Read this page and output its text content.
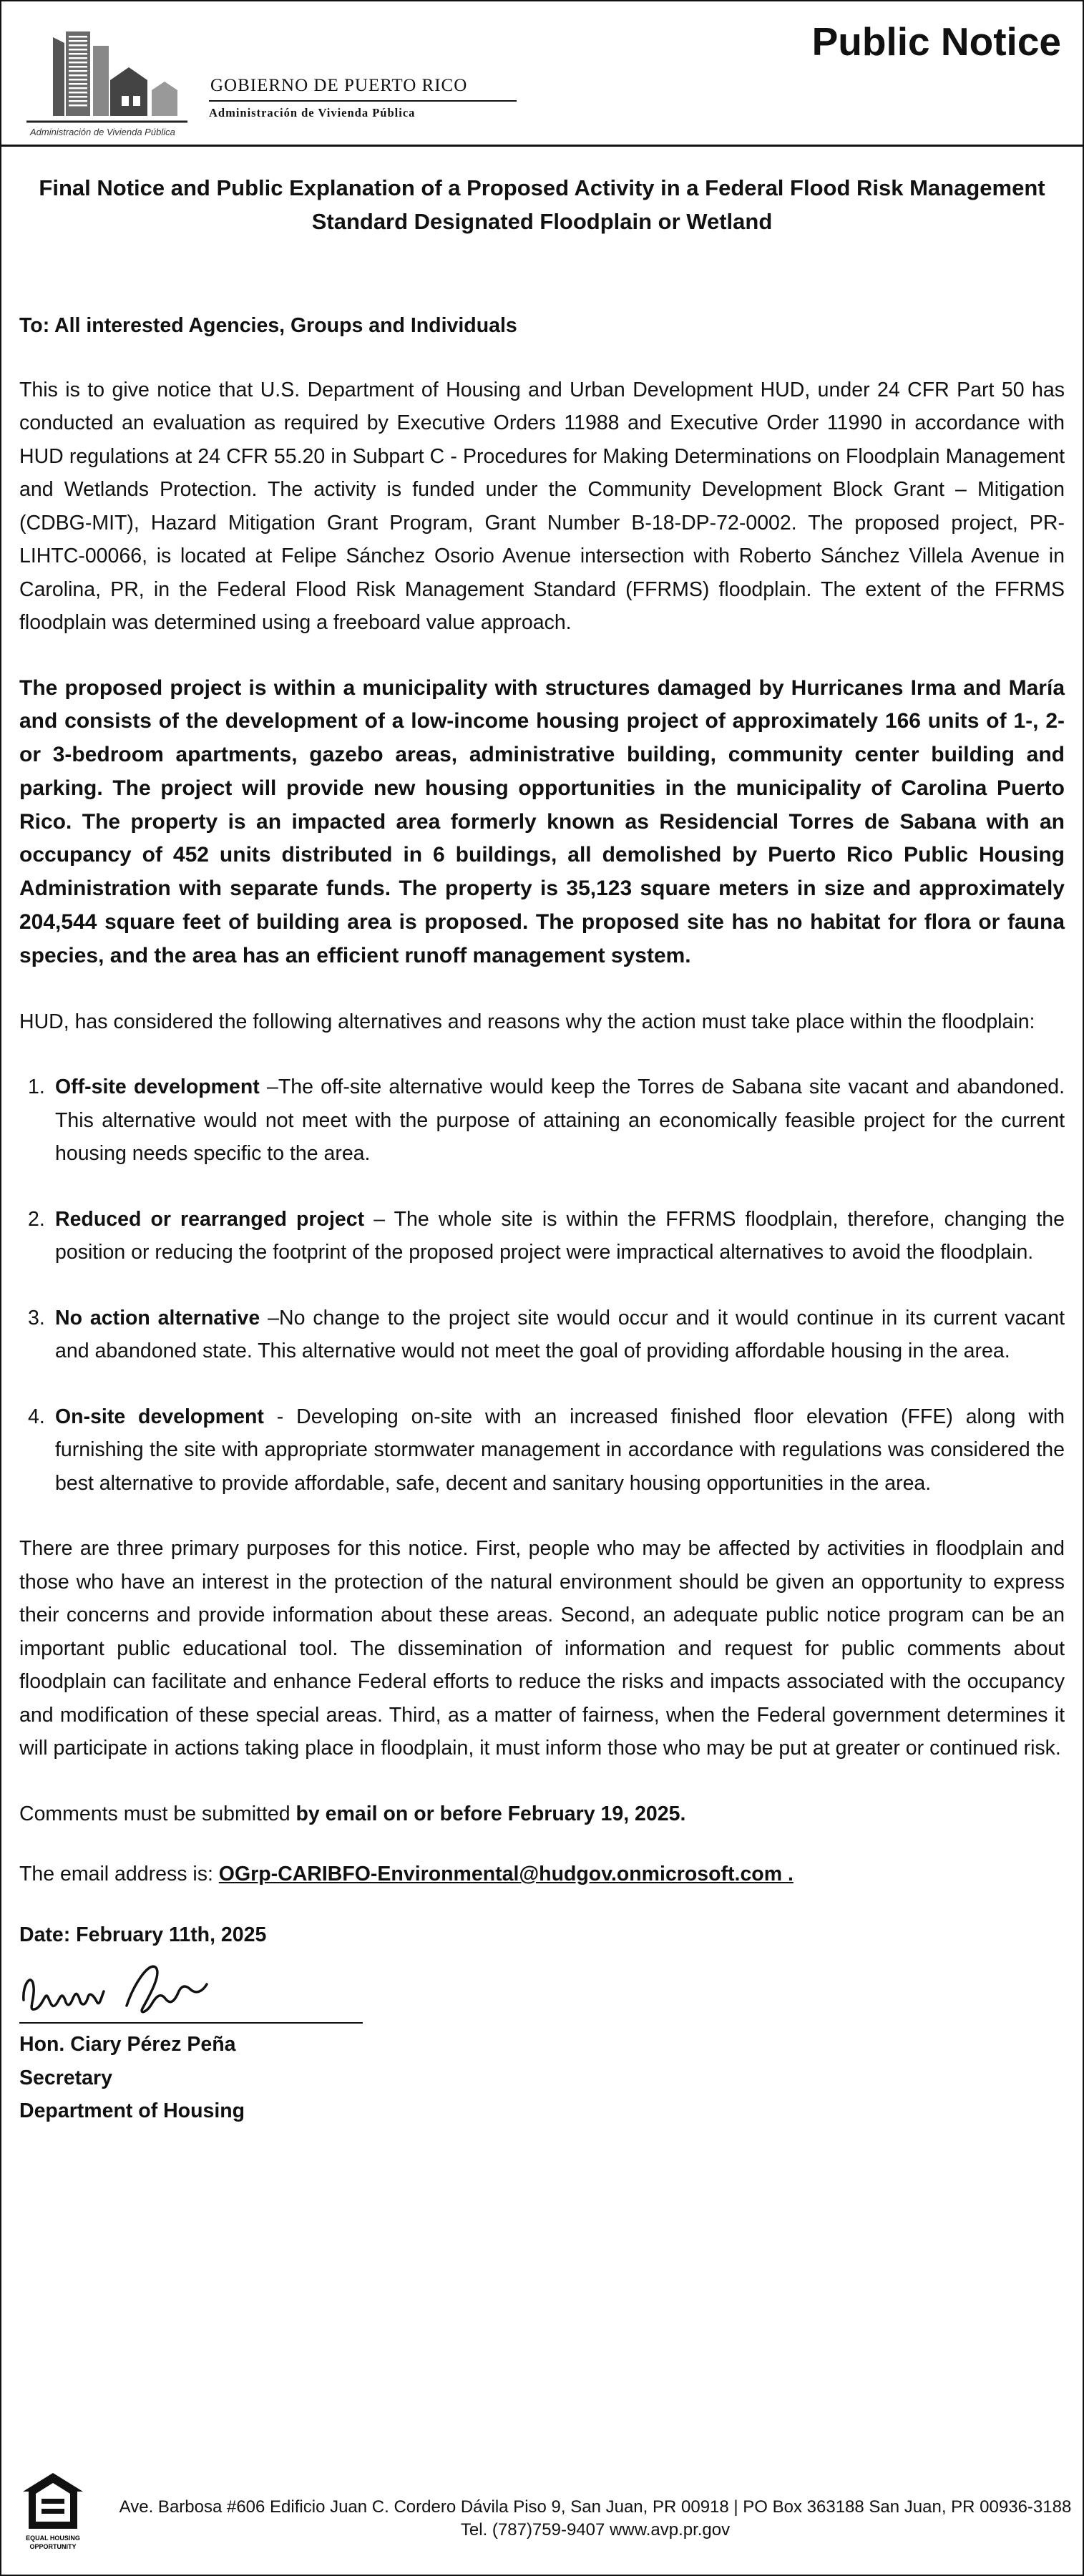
GOBIERNO DE PUERTO RICO
Administración de Vivienda Pública
Administración de Vivienda Pública
Public Notice
Final Notice and Public Explanation of a Proposed Activity in a Federal Flood Risk Management Standard Designated Floodplain or Wetland

To: All interested Agencies, Groups and Individuals

This is to give notice that U.S. Department of Housing and Urban Development HUD, under 24 CFR Part 50 has conducted an evaluation as required by Executive Orders 11988 and Executive Order 11990 in accordance with HUD regulations at 24 CFR 55.20 in Subpart C - Procedures for Making Determinations on Floodplain Management and Wetlands Protection. The activity is funded under the Community Development Block Grant – Mitigation (CDBG-MIT), Hazard Mitigation Grant Program, Grant Number B-18-DP-72-0002. The proposed project, PR-LIHTC-00066, is located at Felipe Sánchez Osorio Avenue intersection with Roberto Sánchez Villela Avenue in Carolina, PR, in the Federal Flood Risk Management Standard (FFRMS) floodplain. The extent of the FFRMS floodplain was determined using a freeboard value approach.

The proposed project is within a municipality with structures damaged by Hurricanes Irma and María and consists of the development of a low-income housing project of approximately 166 units of 1-, 2- or 3-bedroom apartments, gazebo areas, administrative building, community center building and parking. The project will provide new housing opportunities in the municipality of Carolina Puerto Rico. The property is an impacted area formerly known as Residencial Torres de Sabana with an occupancy of 452 units distributed in 6 buildings, all demolished by Puerto Rico Public Housing Administration with separate funds. The property is 35,123 square meters in size and approximately 204,544 square feet of building area is proposed. The proposed site has no habitat for flora or fauna species, and the area has an efficient runoff management system.

HUD, has considered the following alternatives and reasons why the action must take place within the floodplain:

1. Off-site development –The off-site alternative would keep the Torres de Sabana site vacant and abandoned. This alternative would not meet with the purpose of attaining an economically feasible project for the current housing needs specific to the area.
2. Reduced or rearranged project – The whole site is within the FFRMS floodplain, therefore, changing the position or reducing the footprint of the proposed project were impractical alternatives to avoid the floodplain.
3. No action alternative –No change to the project site would occur and it would continue in its current vacant and abandoned state. This alternative would not meet the goal of providing affordable housing in the area.
4. On-site development - Developing on-site with an increased finished floor elevation (FFE) along with furnishing the site with appropriate stormwater management in accordance with regulations was considered the best alternative to provide affordable, safe, decent and sanitary housing opportunities in the area.

There are three primary purposes for this notice. First, people who may be affected by activities in floodplain and those who have an interest in the protection of the natural environment should be given an opportunity to express their concerns and provide information about these areas. Second, an adequate public notice program can be an important public educational tool. The dissemination of information and request for public comments about floodplain can facilitate and enhance Federal efforts to reduce the risks and impacts associated with the occupancy and modification of these special areas. Third, as a matter of fairness, when the Federal government determines it will participate in actions taking place in floodplain, it must inform those who may be put at greater or continued risk.

Comments must be submitted by email on or before February 19, 2025.

The email address is: OGrp-CARIBFO-Environmental@hudgov.onmicrosoft.com .

Date: February 11th, 2025

Hon. Ciary Pérez Peña
Secretary
Department of Housing
EQUAL HOUSING
OPPORTUNITY
Ave. Barbosa #606 Edificio Juan C. Cordero Dávila Piso 9, San Juan, PR 00918 | PO Box 363188 San Juan, PR 00936-3188
Tel. (787)759-9407 www.avp.pr.gov
